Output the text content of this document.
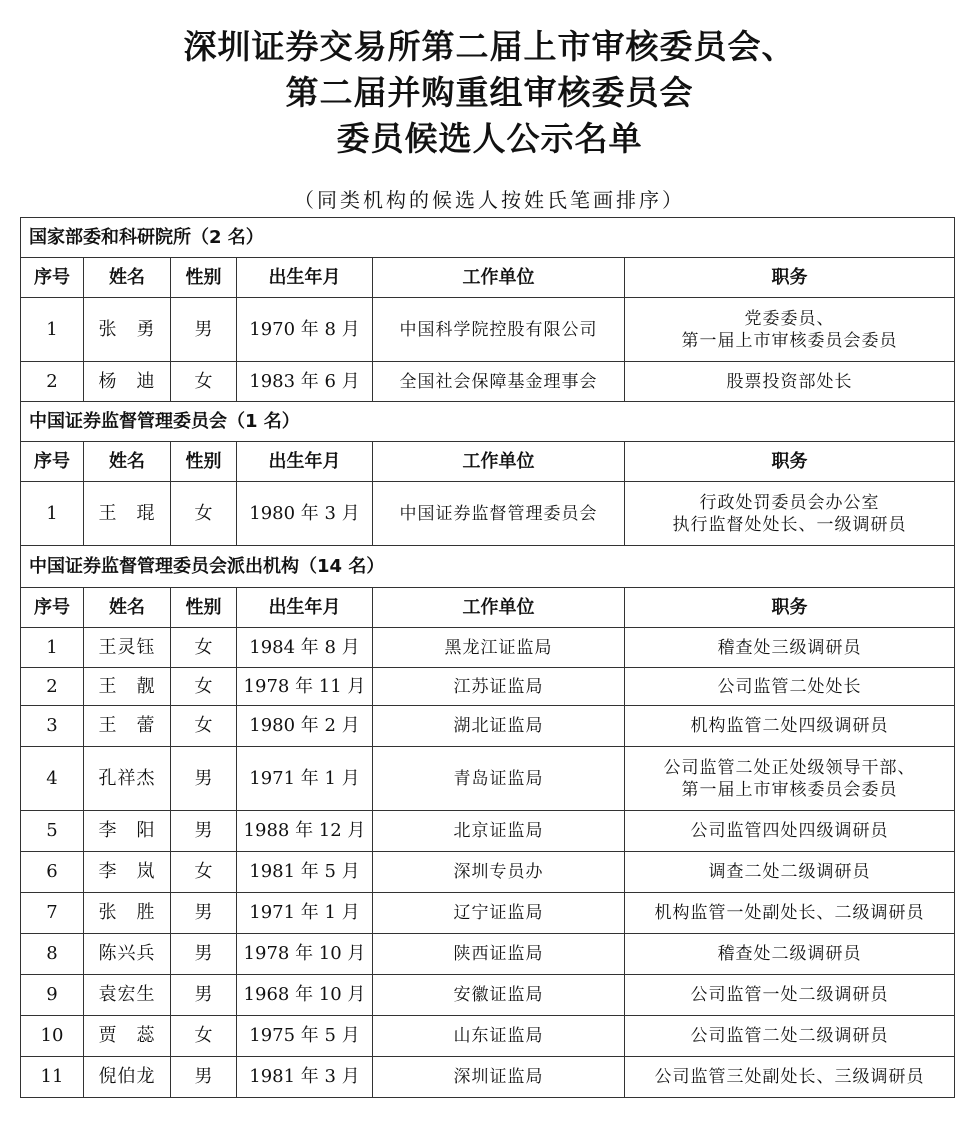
深圳证券交易所第二届上市审核委员会、
第二届并购重组审核委员会
委员候选人公示名单
（同类机构的候选人按姓氏笔画排序）
国家部委和科研院所（2 名）					
序号	姓名	性别	出生年月	工作单位	职务
1	张　勇	男	1970 年 8 月	中国科学院控股有限公司	党委委员、
第一届上市审核委员会委员

2	杨　迪	女	1983 年 6 月	全国社会保障基金理事会	股票投资部处长

中国证券监督管理委员会（1 名）					
序号	姓名	性别	出生年月	工作单位	职务
1	王　琨	女	1980 年 3 月	中国证券监督管理委员会	行政处罚委员会办公室
执行监督处处长、一级调研员

中国证券监督管理委员会派出机构（14 名）					
序号	姓名	性别	出生年月	工作单位	职务
1	王灵钰	女	1984 年 8 月	黑龙江证监局	稽查处三级调研员

2	王　靓	女	1978 年 11 月	江苏证监局	公司监管二处处长

3	王　蕾	女	1980 年 2 月	湖北证监局	机构监管二处四级调研员

4	孔祥杰	男	1971 年 1 月	青岛证监局	公司监管二处正处级领导干部、
第一届上市审核委员会委员

5	李　阳	男	1988 年 12 月	北京证监局	公司监管四处四级调研员

6	李　岚	女	1981 年 5 月	深圳专员办	调查二处二级调研员

7	张　胜	男	1971 年 1 月	辽宁证监局	机构监管一处副处长、二级调研员

8	陈兴兵	男	1978 年 10 月	陕西证监局	稽查处二级调研员

9	袁宏生	男	1968 年 10 月	安徽证监局	公司监管一处二级调研员

10	贾　蕊	女	1975 年 5 月	山东证监局	公司监管二处二级调研员

11	倪伯龙	男	1981 年 3 月	深圳证监局	公司监管三处副处长、三级调研员
